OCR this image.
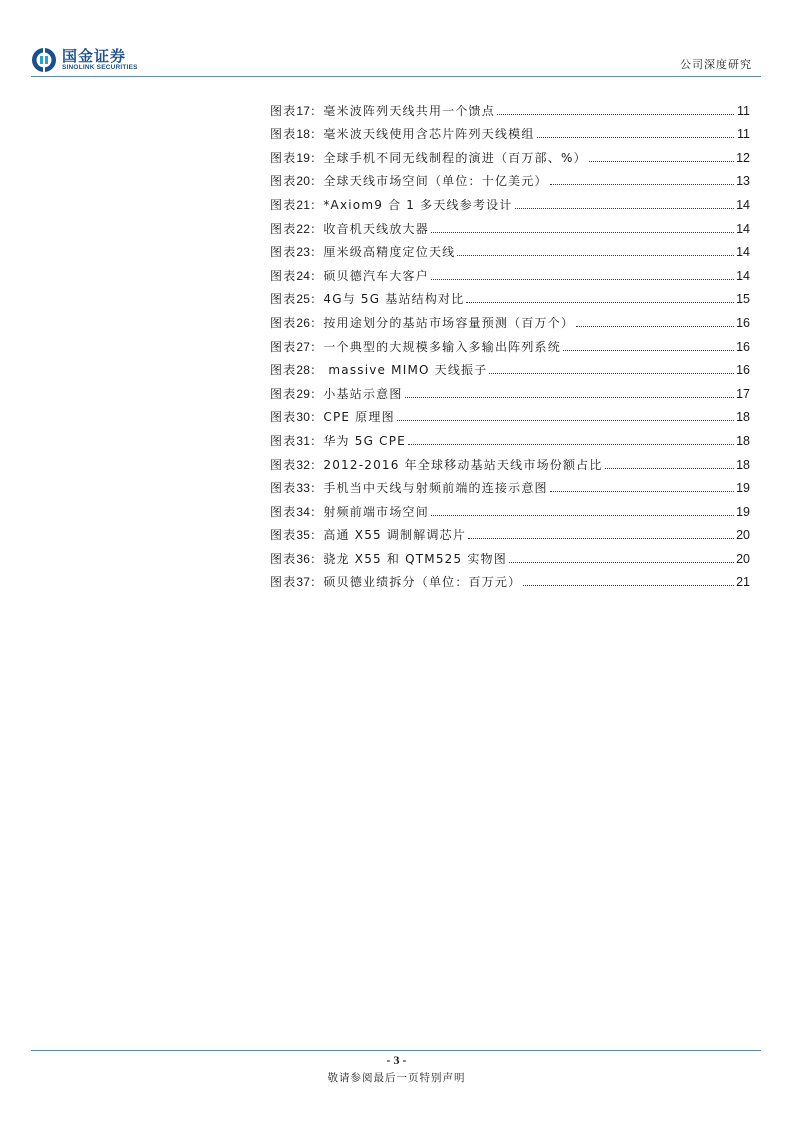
国金证券
SINOLINK SECURITIES	公司深度研究
图表17：毫米波阵列天线共用一个馈点	11
图表18：毫米波天线使用含芯片阵列天线模组	11
图表19：全球手机不同无线制程的演进（百万部、%）	12
图表20：全球天线市场空间（单位：十亿美元）	13
图表21：*Axiom9 合 1 多天线参考设计	14
图表22：收音机天线放大器	14
图表23：厘米级高精度定位天线	14
图表24：硕贝德汽车大客户	14
图表25：4G与 5G 基站结构对比	15
图表26：按用途划分的基站市场容量预测（百万个）	16
图表27：一个典型的大规模多输入多输出阵列系统	16
图表28： massive MIMO 天线振子	16
图表29：小基站示意图	17
图表30：CPE 原理图	18
图表31：华为 5G CPE	18
图表32：2012-2016 年全球移动基站天线市场份额占比	18
图表33：手机当中天线与射频前端的连接示意图	19
图表34：射频前端市场空间	19
图表35：高通 X55 调制解调芯片	20
图表36：骁龙 X55 和 QTM525 实物图	20
图表37：硕贝德业绩拆分（单位：百万元）	21
- 3 -
敬请参阅最后一页特别声明
